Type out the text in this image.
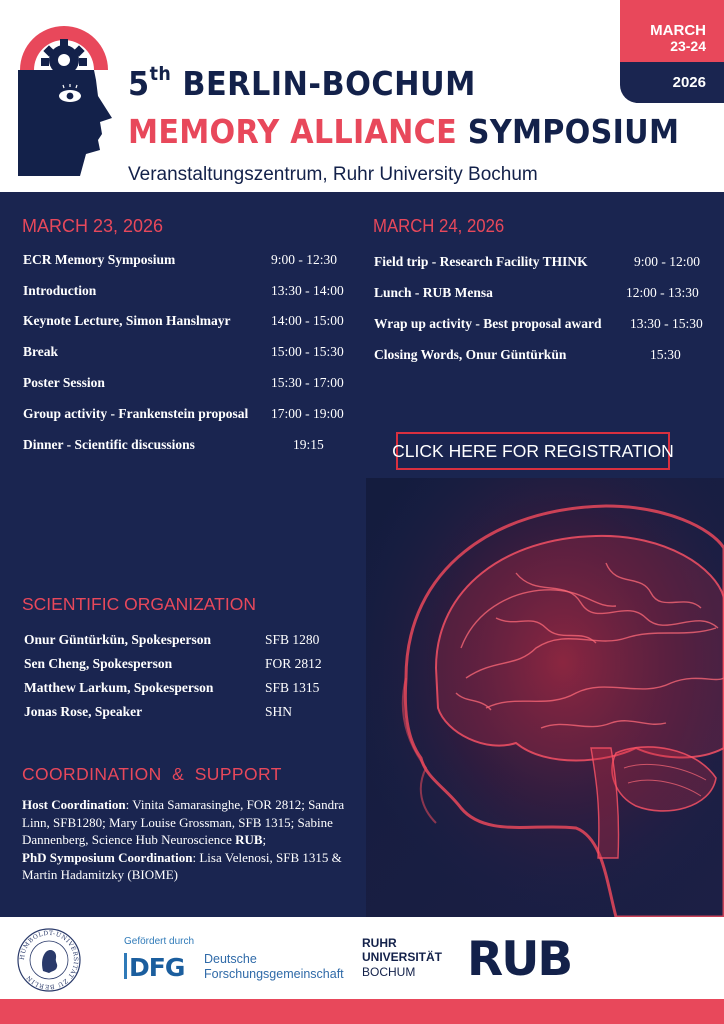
5th BERLIN-BOCHUM
MEMORY ALLIANCE SYMPOSIUM
Veranstaltungszentrum, Ruhr University Bochum
MARCH
23-24
2026
MARCH 23, 2026
ECR Memory Symposium	9:00 - 12:30
Introduction	13:30 - 14:00
Keynote Lecture, Simon Hanslmayr	14:00 - 15:00
Break	15:00 - 15:30
Poster Session	15:30 - 17:00
Group activity - Frankenstein proposal 17:00 - 19:00
Dinner - Scientific discussions	19:15
MARCH 24, 2026
Field trip - Research Facility THINK	9:00 - 12:00
Lunch - RUB Mensa	12:00 - 13:30
Wrap up activity - Best proposal award 13:30 - 15:30
Closing Words, Onur Güntürkün	15:30
CLICK HERE FOR REGISTRATION
SCIENTIFIC ORGANIZATION
Onur Güntürkün, Spokesperson	SFB 1280
Sen Cheng, Spokesperson	FOR 2812
Matthew Larkum, Spokesperson	SFB 1315
Jonas Rose, Speaker	SHN
COORDINATION  &  SUPPORT
Host Coordination: Vinita Samarasinghe, FOR 2812; Sandra Linn, SFB1280; Mary Louise Grossman, SFB 1315; Sabine Dannenberg, Science Hub Neuroscience RUB;
PhD Symposium Coordination: Lisa Velenosi, SFB 1315 & Martin Hadamitzky (BIOME)
HUMBOLDT-UNIVERSITÄT ZU BERLIN
Gefördert durch
DFG Deutsche
Forschungsgemeinschaft
RUHR
UNIVERSITÄT
BOCHUM RUB
